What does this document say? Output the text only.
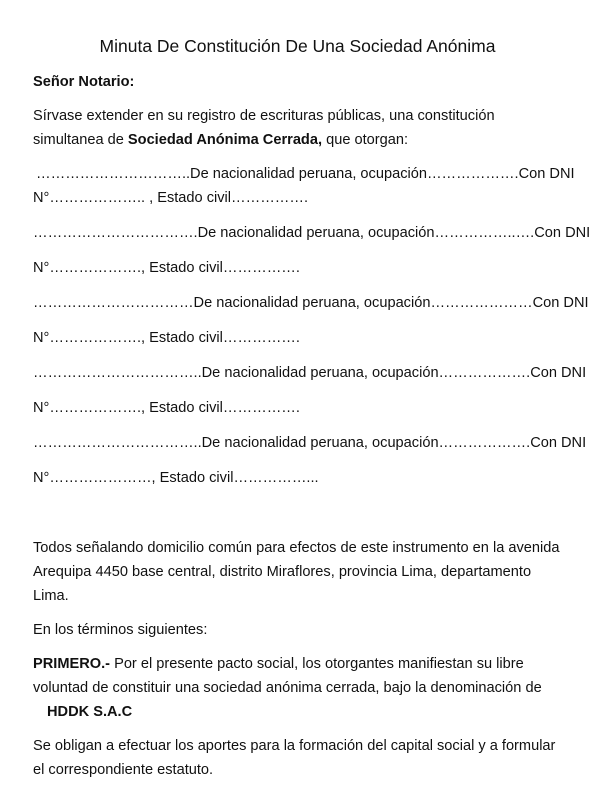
Minuta De Constitución De Una Sociedad Anónima

Señor Notario:

Sírvase extender en su registro de escrituras públicas, una constitución simultanea de Sociedad Anónima Cerrada, que otorgan:

………………………….. De nacionalidad peruana, ocupación………………. Con DNI
N°……………….. , Estado civil…………….
……………………………. De nacionalidad peruana, ocupación……………..…. Con DNI
N°………………., Estado civil…………….
…………………………… De nacionalidad peruana, ocupación………………… Con DNI
N°………………., Estado civil…………….
…………………………….. De nacionalidad peruana, ocupación………………. Con DNI
N°………………., Estado civil…………….
…………………………….. De nacionalidad peruana, ocupación………………. Con DNI
N°…………………, Estado civil……………...

Todos señalando domicilio común para efectos de este instrumento en la avenida Arequipa 4450 base central, distrito Miraflores, provincia Lima, departamento Lima.

En los términos siguientes:

PRIMERO.- Por el presente pacto social, los otorgantes manifiestan su libre voluntad de constituir una sociedad anónima cerrada, bajo la denominación de HDDK S.A.C

Se obligan a efectuar los aportes para la formación del capital social y a formular el correspondiente estatuto.
